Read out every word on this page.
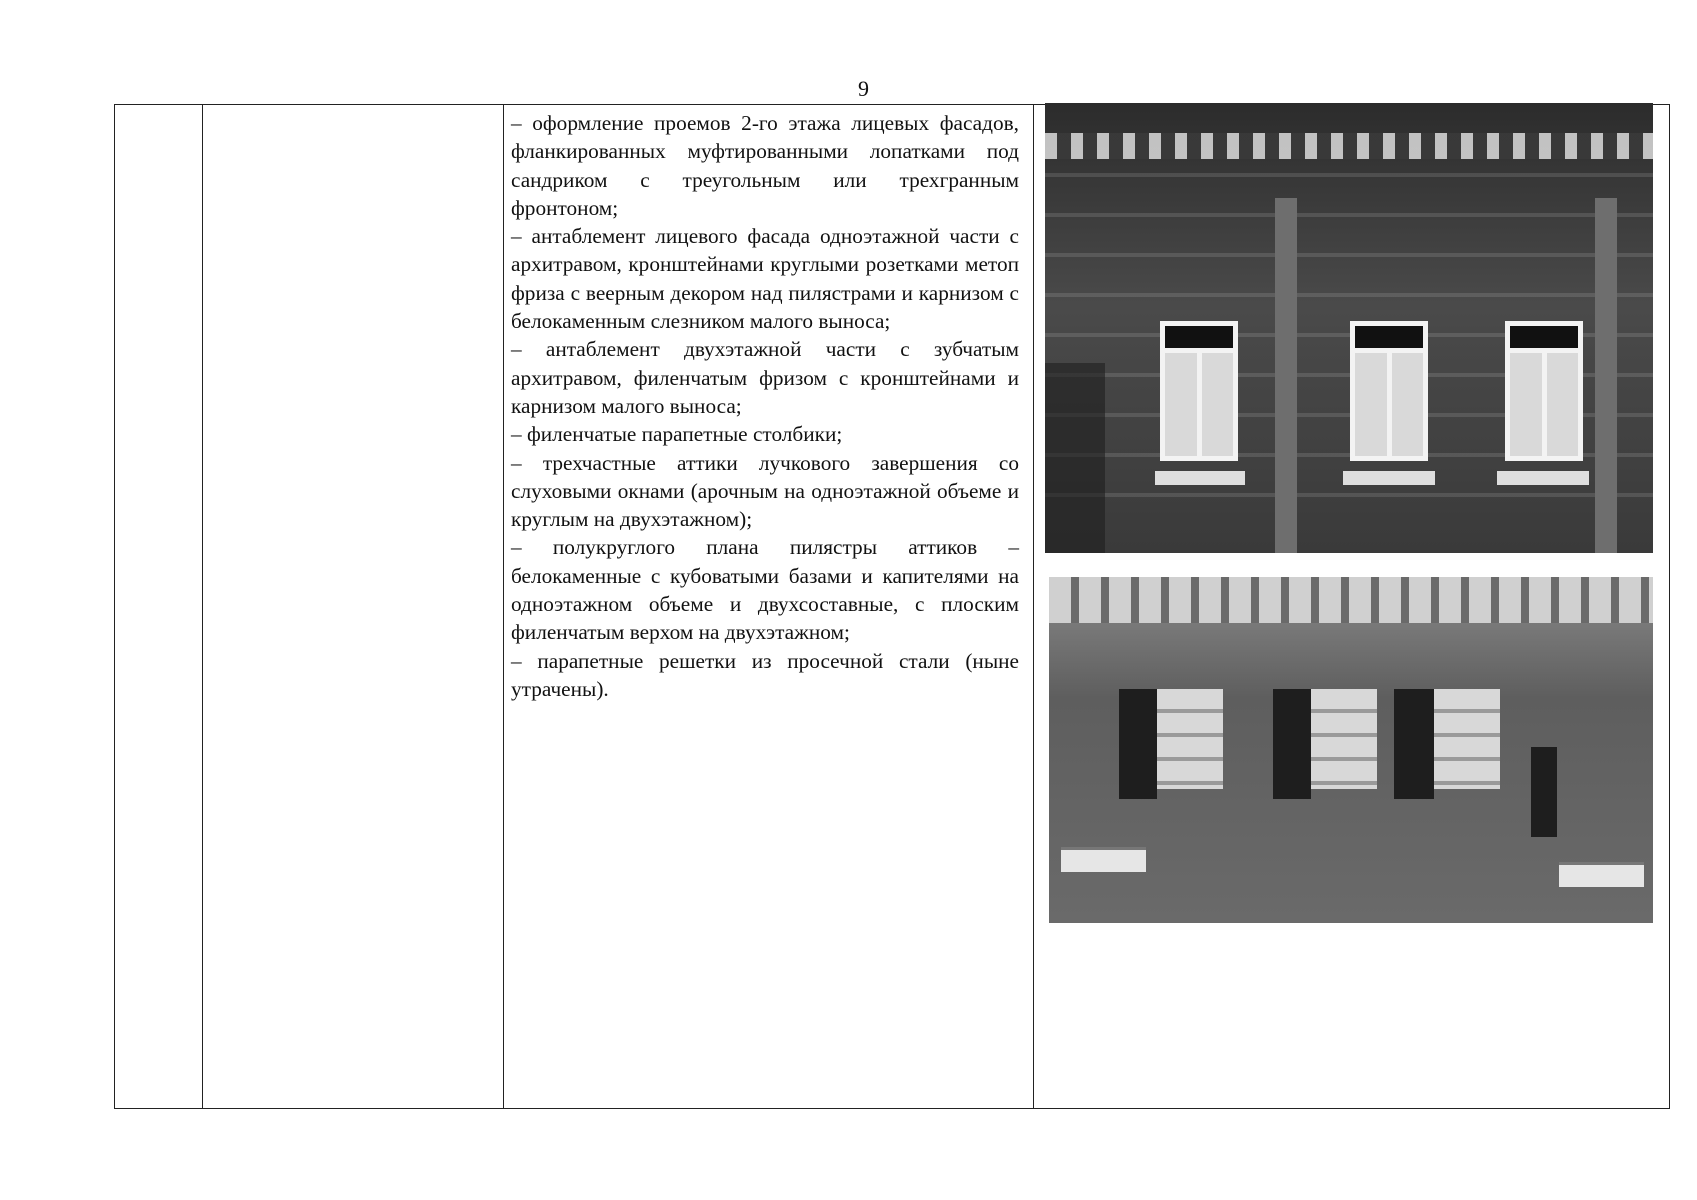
9

– оформление проемов 2-го этажа лицевых фасадов, фланкированных муфтированными лопатками под сандриком с треугольным или трехгранным фронтоном;

– антаблемент лицевого фасада одноэтажной части с архитравом, кронштейнами круглыми розетками метоп фриза с веерным декором над пилястрами и карнизом с белокаменным слезником малого выноса;

– антаблемент двухэтажной части с зубчатым архитравом, филенчатым фризом с кронштейнами и карнизом малого выноса;

– филенчатые парапетные столбики;

– трехчастные аттики лучкового завершения со слуховыми окнами (арочным на одноэтажной объеме и круглым на двухэтажном);

– полукруглого плана пилястры аттиков – белокаменные с кубоватыми базами и капителями на одноэтажном объеме и двухсоставные, с плоским филенчатым верхом на двухэтажном;

– парапетные решетки из просечной стали (ныне утрачены).
